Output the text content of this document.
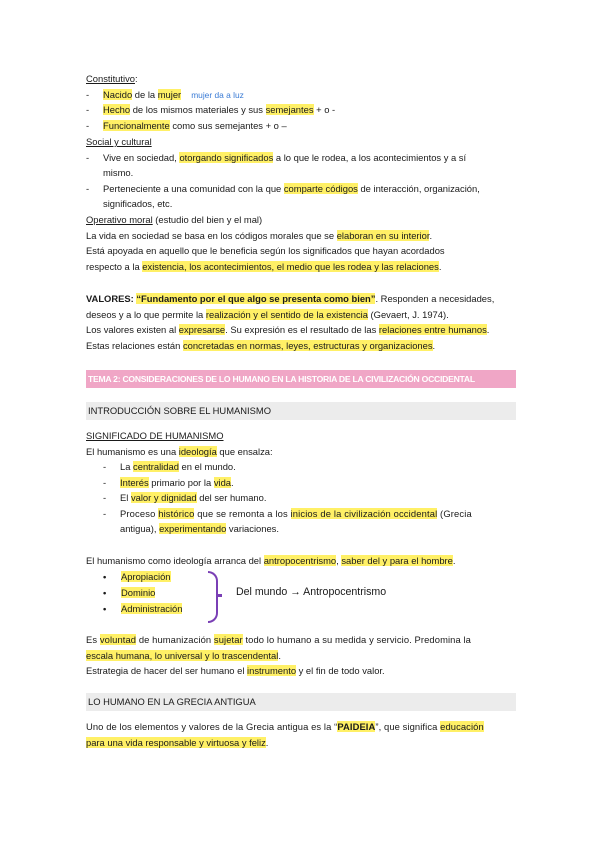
Constitutivo:
- Nacido de la mujer mujer da a luz
- Hecho de los mismos materiales y sus semejantes + o -
- Funcionalmente como sus semejantes + o –
Social y cultural
- Vive en sociedad, otorgando significados a lo que le rodea, a los acontecimientos y a sí
mismo.
- Perteneciente a una comunidad con la que comparte códigos de interacción, organización,
significados, etc.
Operativo moral (estudio del bien y el mal)
La vida en sociedad se basa en los códigos morales que se elaboran en su interior.
Está apoyada en aquello que le beneficia según los significados que hayan acordados
respecto a la existencia, los acontecimientos, el medio que les rodea y las relaciones.
VALORES: “Fundamento por el que algo se presenta como bien”. Responden a necesidades,
deseos y a lo que permite la realización y el sentido de la existencia (Gevaert, J. 1974).
Los valores existen al expresarse. Su expresión es el resultado de las relaciones entre humanos.
Estas relaciones están concretadas en normas, leyes, estructuras y organizaciones.
TEMA 2: CONSIDERACIONES DE LO HUMANO EN LA HISTORIA DE LA CIVILIZACIÓN OCCIDENTAL
INTRODUCCIÓN SOBRE EL HUMANISMO
SIGNIFICADO DE HUMANISMO
El humanismo es una ideología que ensalza:
- La centralidad en el mundo.
- Interés primario por la vida.
- El valor y dignidad del ser humano.
- Proceso histórico que se remonta a los inicios de la civilización occidental (Grecia
antigua), experimentando variaciones.
El humanismo como ideología arranca del antropocentrismo, saber del y para el hombre.
• Apropiación
• Dominio
• Administración
Del mundo → Antropocentrismo
Es voluntad de humanización sujetar todo lo humano a su medida y servicio. Predomina la
escala humana, lo universal y lo trascendental.
Estrategia de hacer del ser humano el instrumento y el fin de todo valor.
LO HUMANO EN LA GRECIA ANTIGUA
Uno de los elementos y valores de la Grecia antigua es la “PAIDEIA”, que significa educación
para una vida responsable y virtuosa y feliz.
